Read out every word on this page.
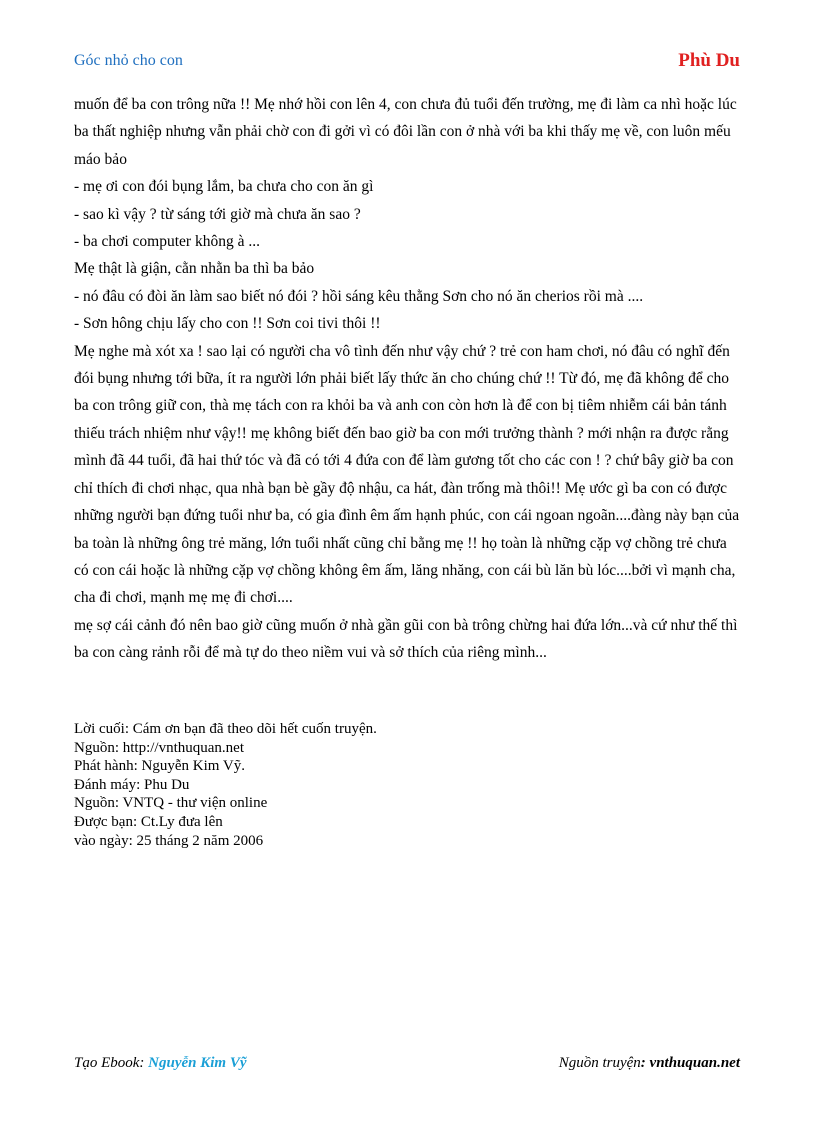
Góc nhỏ cho con	Phù Du

muốn để ba con trông nữa !! Mẹ nhớ hồi con lên 4, con chưa đủ tuổi đến trường, mẹ đi làm ca nhì hoặc lúc ba thất nghiệp nhưng vẫn phải chờ con đi gởi vì có đôi lần con ở nhà với ba khi thấy mẹ về, con luôn mếu máo bảo

- mẹ ơi con đói bụng lắm, ba chưa cho con ăn gì

- sao kì vậy ? từ sáng tới giờ mà chưa ăn sao ?

- ba chơi computer không à ...

Mẹ thật là giận, cằn nhằn ba thì ba bảo

- nó đâu có đòi ăn làm sao biết nó đói ? hồi sáng kêu thằng Sơn cho nó ăn cherios rồi mà ....

- Sơn hông chịu lấy cho con !! Sơn coi tivi thôi !!

Mẹ nghe mà xót xa ! sao lại có người cha vô tình đến như vậy chứ ? trẻ con ham chơi, nó đâu có nghĩ đến đói bụng nhưng tới bữa, ít ra người lớn phải biết lấy thức ăn cho chúng chứ !! Từ đó, mẹ đã không để cho ba con trông giữ con, thà mẹ tách con ra khỏi ba và anh con còn hơn là để con bị tiêm nhiễm cái bản tánh thiếu trách nhiệm như vậy!! mẹ không biết đến bao giờ ba con mới trưởng thành ? mới nhận ra được rằng mình đã 44 tuổi, đã hai thứ tóc và đã có tới 4 đứa con để làm gương tốt cho các con ! ? chứ bây giờ ba con chỉ thích đi chơi nhạc, qua nhà bạn bè gầy độ nhậu, ca hát, đàn trống mà thôi!! Mẹ ước gì ba con có được những người bạn đứng tuổi như ba, có gia đình êm ấm hạnh phúc, con cái ngoan ngoãn....đàng này bạn của ba toàn là những ông trẻ măng, lớn tuổi nhất cũng chỉ bằng mẹ !! họ toàn là những cặp vợ chồng trẻ chưa có con cái hoặc là những cặp vợ chồng không êm ấm, lăng nhăng, con cái bù lăn bù lóc....bởi vì mạnh cha, cha đi chơi, mạnh mẹ mẹ đi chơi....

mẹ sợ cái cảnh đó nên bao giờ cũng muốn ở nhà gần gũi con bà trông chừng hai đứa lớn...và cứ như thế thì ba con càng rảnh rỗi để mà tự do theo niềm vui và sở thích của riêng mình...

Lời cuối: Cám ơn bạn đã theo dõi hết cuốn truyện.

Nguồn: http://vnthuquan.net

Phát hành: Nguyễn Kim Vỹ.

Đánh máy: Phu Du

Nguồn: VNTQ - thư viện online

Được bạn: Ct.Ly đưa lên

vào ngày: 25 tháng 2 năm 2006

Tạo Ebook: Nguyễn Kim Vỹ	Nguồn truyện: vnthuquan.net
